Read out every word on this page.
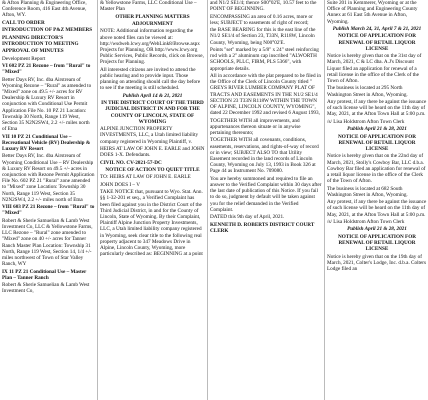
& Afton Planning & Engineering Office, Conference Room, 416 East 4th Avenue, Afton, WY.

CALL TO ORDER

INTRODUCTION OF P&Z MEMBERS

PLANNING DIRECTOR'S INTRODUCTION TO MEETING

APPROVAL OF MINUTES

Development Report

VI 602 PZ 21 Rezone – from "Rural" to "Mixed"

Better Days RV, Inc. dba Airstream of Wyoming Rezone – "Rural" as amended to "Mixed" zone on 49.5 +/- acres for RV Dealership & Luxury RV Resort in conjunction with Conditional Use Permit Application File No. 10 PZ 21 Location: Township 30 North, Range 119 West, Section 35 N2N2SW4, 2.2 +/- miles north of Etna

VII 10 PZ 21 Conditional Use – Recreational Vehicle (RV) Dealership & Luxury RV Resort

Better Days RV, Inc. dba Airstream of Wyoming Conditional Use – RV Dealership & Luxury RV Resort on 49.5 +/- acres in conjunction with Rezone Permit Application File No. 602 PZ 21 "Rural" zone amended to "Mixed" zone Location: Township 30 North, Range 119 West, Section 35 N2N2SW4, 2.2 +/- miles north of Etna

VIII 603 PZ 21 Rezone – from "Rural" to "Mixed"

Robert & Sherie Samuelian & Lamb West Investment Co, LLC & Yellowstone Farms, LLC Rezone – "Rural" zone amended to "Mixed" zone on 40 +/- acres for Tanner Ranch Master Plan Location: Township 31 North, Range 119 West, Section 14, 1/4 +/- miles northwest of Town of Star Valley Ranch, WY

IX 11 PZ 21 Conditional Use – Master Plan – Tanner Ranch

Robert & Sherie Samuelian & Lamb West Investment Co,

& Yellowstone Farms, LLC Conditional Use – Master Plan

OTHER PLANNING MATTERS

ADJOURNMENT

NOTE: Additional information regarding the above noted files can be viewed at: http://wsdweb.lcwy.org/WebLink8/Browse.aspx Projects for Planning, OR http://www.lcwy.org Public Services, Public Records, click on Browse, Projects for Planning.

All interested citizens are invited to attend the public hearing and to provide input. Those planning on attending should call the day before to see if the meeting is still scheduled.

Publish April 14 & 21, 2021

IN THE DISTRICT COURT OF THE THIRD JUDICIAL DISTRICT IN AND FOR THE COUNTY OF LINCOLN, STATE OF WYOMING

ALPINE JUNCTION PROPERTY INVESTMENTS, LLC, a Utah limited liability company registered in Wyoming Plaintiff, v.

HEIRS AT LAW OF JOHN E. EARLE and JOHN DOES 1-X. Defendants.

CIVIL NO. CV-2021-57-DC

NOTICE OF ACTION TO QUIET TITLE

TO: HEIRS AT LAW OF JOHN E. EARLE

JOHN DOES I – V

TAKE NOTICE that, pursuant to Wyo. Stat. Ann. §§ 1-32-201 et seq., a Verified Complaint has been filed against you in the District Court of the Third Judicial District, in and for the County of Lincoln, State of Wyoming. By their Complaint, Plaintiff Alpine Junction Property Investments, LLC, a Utah limited liability company registered in Wyoming, seek clear title to the following real property adjacent to 347 Meadows Drive in Alpine, Lincoln County, Wyoming, more particularly described as: BEGINNING at a point

and N1/2 SE1/4; thence S00°02'E, 10.57 feet to the POINT OF BEGINNING.

ENCOMPASSING an area of 0.16 acres, more or less; SUBJECT to easements of right of record;

the BASE BEARING for this is the east line of the N1/2 SE1/4 of Section 23, T33N, R118W, Lincoln County, Wyoming, being N00°02'E.

Points "set" marked by a 5/8" x 24" steel reinforcing rod with a 2" aluminum cap inscribed "ALWORTH SCHOOLS, PLLC, FIRM, PLS 5366", with appropriate details.

All in accordance with the plat prepared to be filed in the Office of the Clerk of Lincoln County titled " GREYS RIVER LUMBER COMPANY PLAT OF TRACTS AND EASEMENTS IN THE N1/2 SE1/4 SECTION 23 T33N R118W WITHIN THE TOWN OF ALPINE, LINCOLN COUNTY, WYOMING", dated 22 December 1992 and revised 6 August 1993,

TOGETHER WITH all improvements, and appurtenances thereon situate or in anywise pertaining thereunto;

TOGETHER WITH all covenants, conditions, easements, reservations, and rights-of-way of record or in view; SUBJECT ALSO TO that Utility Easement recorded in the land records of Lincoln County, Wyoming on July 13, 1993 in Book 326 at Page 44 as Instrument No. 709080.

You are hereby summoned and required to file an answer to the Verified Complaint within 30 days after the last date of publication of this Notice. If you fail to do so, judgment by default will be taken against you for the relief demanded in the Verified Complaint.

DATED this 9th day of April, 2021.

KENNETH D. ROBERTS DISTRICT COURT CLERK

Suite 201 in Kemmerer, Wyoming or at the Office of Planning and Engineering County Annex at 61 East 5th Avenue in Afton, Wyoming.

Publish March 24, 31, April 7 & 21, 2021

NOTICE OF APPLICATION FOR RENEWAL OF RETAIL LIQUOR LICENSE

Notice is hereby given that on the 31st day of March, 2021, C & LC dba. A.J's Discount Liquor filed an application for renewal of a retail license in the office of the Clerk of the Town of Afton.

The business is located at 295 North Washington Street in Afton, Wyoming.

Any protest, if any there be against the issuance of such license will be heard on the 11th day of May, 2021, at the Afton Town Hall at 5:00 p.m.

/s/ Lisa Holdstrom Afton Town Clerk

Publish April 21 & 28, 2021

NOTICE OF APPLICATION FOR RENEWAL OF RETAIL LIQUOR LICENSE

Notice is hereby given that on the 22nd day of March, 2021, Stolly's Cowboy Bar, LLC d.b.a. Cowboy Bar filed an application for renewal of a retail liquor license in the office of the Clerk of the Town of Afton.

The business is located at 682 South Washington Street in Afton, Wyoming.

Any protest, if any there be against the issuance of such license will be heard on the 11th day of May, 2021, at the Afton Town Hall at 5:00 p.m.

/s/ Lisa Holdstrom Afton Town Clerk

Publish April 21 & 28, 2021

NOTICE OF APPLICATION FOR RENEWAL OF RETAIL LIQUOR LICENSE

Notice is hereby given that on the 19th day of March, 2021, Colter's Lodge, Inc. d.b.a. Colters Lodge filed an
